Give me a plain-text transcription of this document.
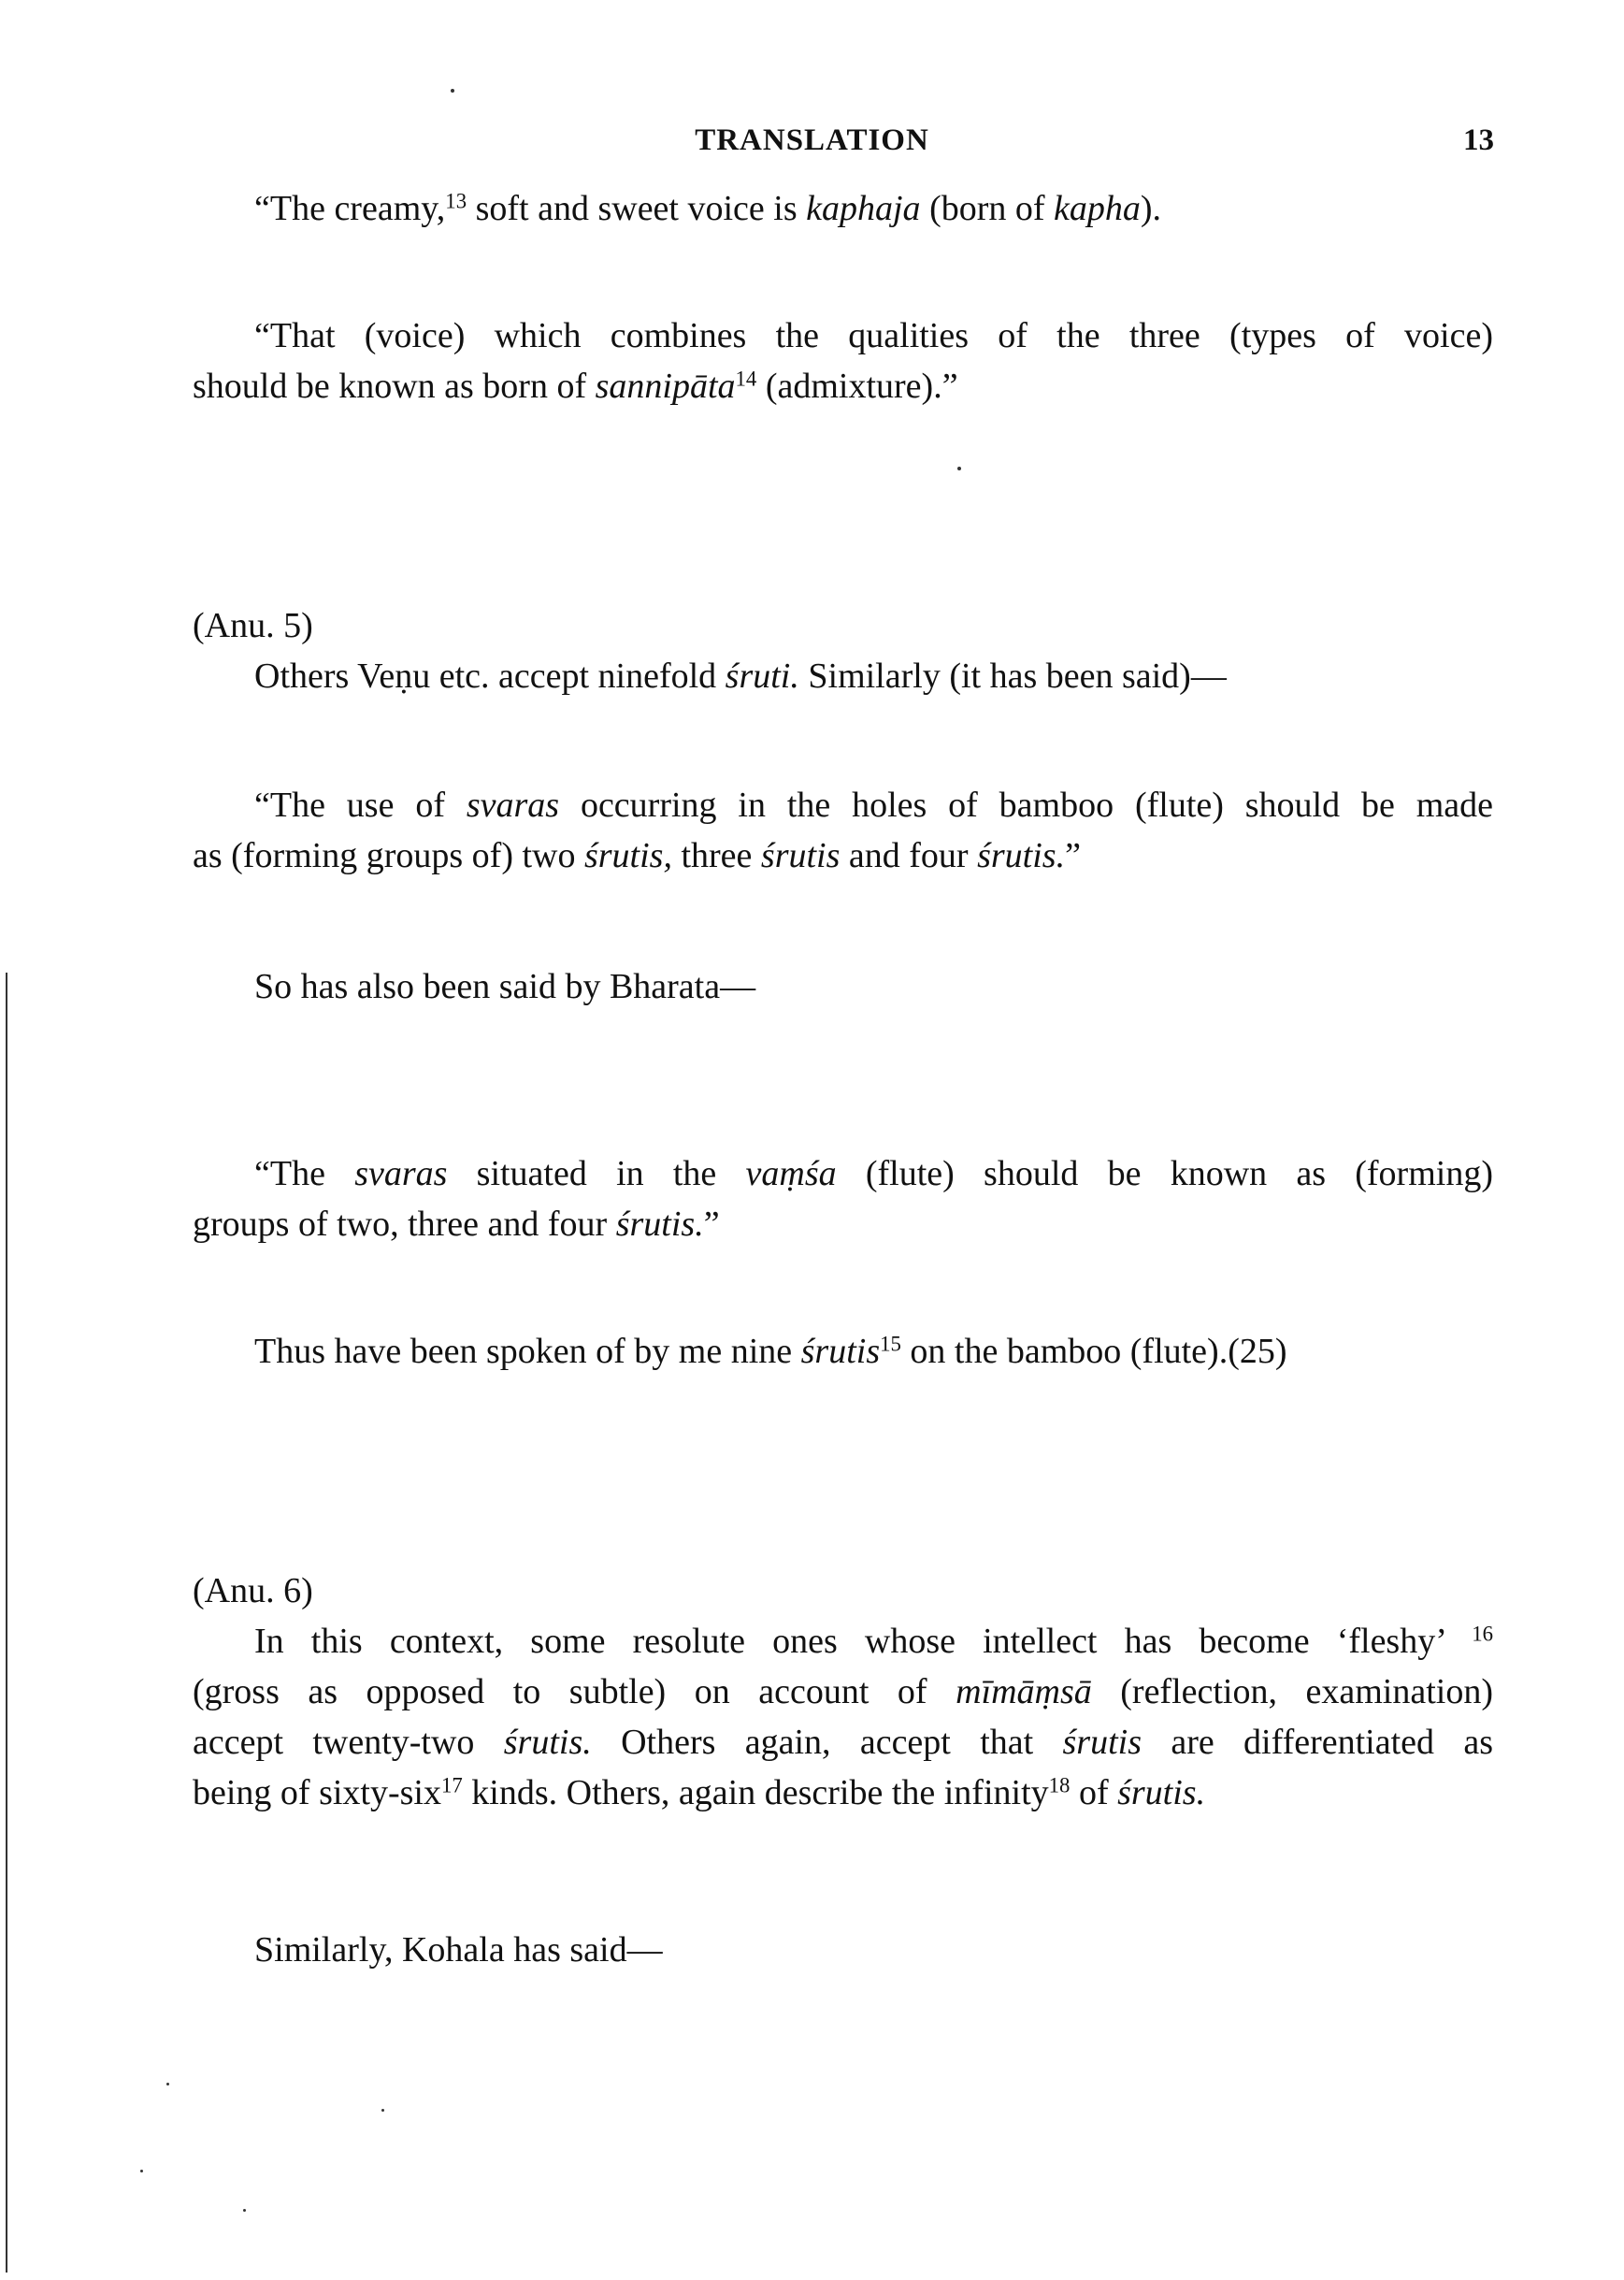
TRANSLATION	13
“The creamy,$^{13}$ soft and sweet voice is kaphaja (born of kapha).
“That (voice) which combines the qualities of the three (types of voice)
should be known as born of sannipāta$^{14}$ (admixture).”
(Anu. 5)
Others Veṇu etc. accept ninefold śruti. Similarly (it has been said)—
“The use of svaras occurring in the holes of bamboo (flute) should be made
as (forming groups of) two śrutis, three śrutis and four śrutis.”
So has also been said by Bharata—
“The svaras situated in the vaṃśa (flute) should be known as (forming)
groups of two, three and four śrutis.”
Thus have been spoken of by me nine śrutis$^{15}$ on the bamboo (flute).(25)
(Anu. 6)
In this context, some resolute ones whose intellect has become ‘fleshy’ $^{16}$
(gross as opposed to subtle) on account of mīmāṃsā (reflection, examination)
accept twenty-two śrutis. Others again, accept that śrutis are differentiated as
being of sixty-six$^{17}$ kinds. Others, again describe the infinity$^{18}$ of śrutis.
Similarly, Kohala has said—
